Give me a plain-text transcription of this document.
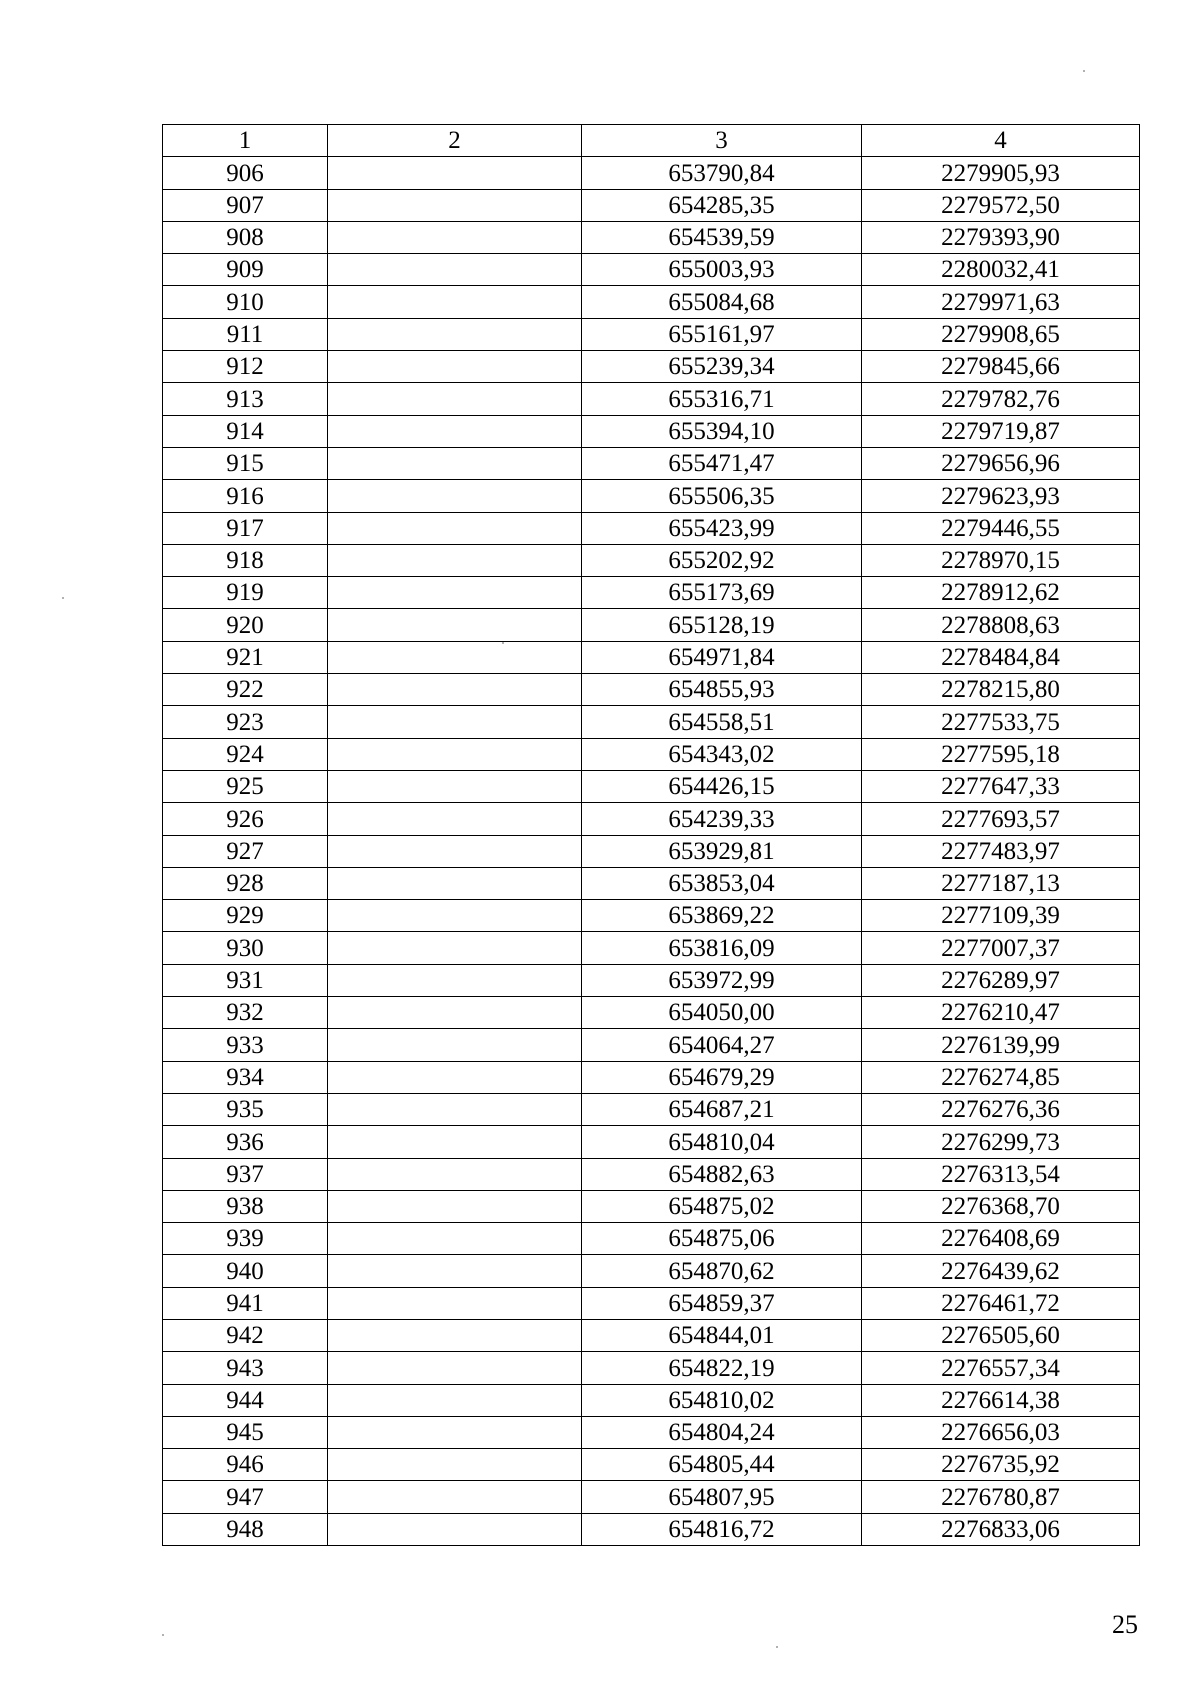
1	2	3	4
906		653790,84	2279905,93
907		654285,35	2279572,50
908		654539,59	2279393,90
909		655003,93	2280032,41
910		655084,68	2279971,63
911		655161,97	2279908,65
912		655239,34	2279845,66
913		655316,71	2279782,76
914		655394,10	2279719,87
915		655471,47	2279656,96
916		655506,35	2279623,93
917		655423,99	2279446,55
918		655202,92	2278970,15
919		655173,69	2278912,62
920		655128,19	2278808,63
921		654971,84	2278484,84
922		654855,93	2278215,80
923		654558,51	2277533,75
924		654343,02	2277595,18
925		654426,15	2277647,33
926		654239,33	2277693,57
927		653929,81	2277483,97
928		653853,04	2277187,13
929		653869,22	2277109,39
930		653816,09	2277007,37
931		653972,99	2276289,97
932		654050,00	2276210,47
933		654064,27	2276139,99
934		654679,29	2276274,85
935		654687,21	2276276,36
936		654810,04	2276299,73
937		654882,63	2276313,54
938		654875,02	2276368,70
939		654875,06	2276408,69
940		654870,62	2276439,62
941		654859,37	2276461,72
942		654844,01	2276505,60
943		654822,19	2276557,34
944		654810,02	2276614,38
945		654804,24	2276656,03
946		654805,44	2276735,92
947		654807,95	2276780,87
948		654816,72	2276833,06
25
